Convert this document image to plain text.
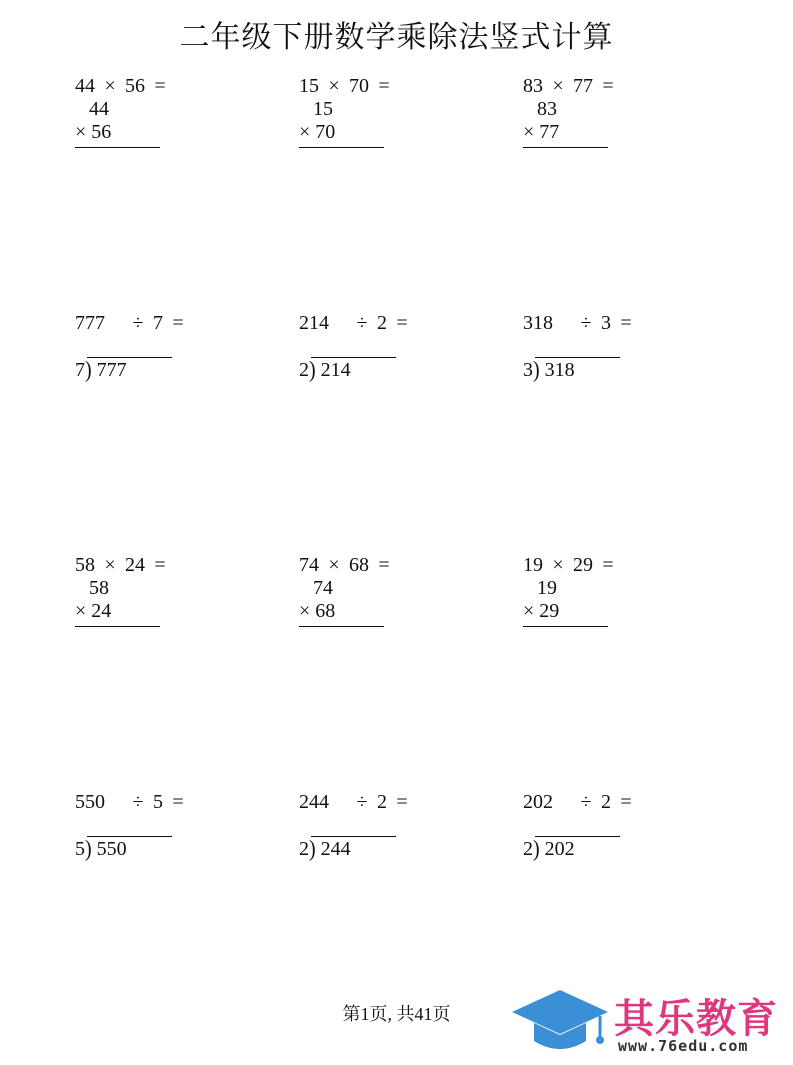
二年级下册数学乘除法竖式计算
44 × 56 =
44
× 56
15 × 70 =
15
× 70
83 × 77 =
83
× 77
777 ÷ 7 =
7) 777
214 ÷ 2 =
2) 214
318 ÷ 3 =
3) 318
58 × 24 =
58
× 24
74 × 68 =
74
× 68
19 × 29 =
19
× 29
550 ÷ 5 =
5) 550
244 ÷ 2 =
2) 244
202 ÷ 2 =
2) 202
第1页, 共41页	其乐教育
www.76edu.com
